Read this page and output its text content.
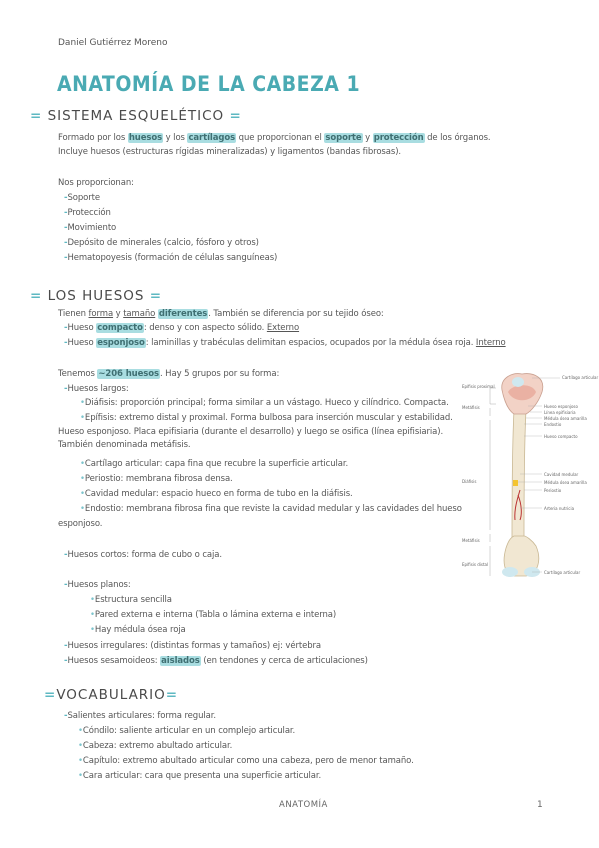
Daniel Gutiérrez Moreno
ANATOMÍA DE LA CABEZA 1
= SISTEMA ESQUELÉTICO =
Formado por los huesos y los cartílagos que proporcionan el soporte y protección de los órganos.
Incluye huesos (estructuras rígidas mineralizadas) y ligamentos (bandas fibrosas).
Nos proporcionan:
-Soporte
-Protección
-Movimiento
-Depósito de minerales (calcio, fósforo y otros)
-Hematopoyesis (formación de células sanguíneas)
= LOS HUESOS =
Tienen forma y tamaño diferentes. También se diferencia por su tejido óseo:
-Hueso compacto: denso y con aspecto sólido. Externo
-Hueso esponjoso: laminillas y trabéculas delimitan espacios, ocupados por la médula ósea roja. Interno
Tenemos ~206 huesos. Hay 5 grupos por su forma:
-Huesos largos:
•Diáfisis: proporción principal; forma similar a un vástago. Hueco y cilíndrico. Compacta.
•Epífisis: extremo distal y proximal. Forma bulbosa para inserción muscular y estabilidad.
Hueso esponjoso. Placa epifisiaria (durante el desarrollo) y luego se osifica (línea epifisiaria).
También denominada metáfisis.
•Cartílago articular: capa fina que recubre la superficie articular.
•Periostio: membrana fibrosa densa.
•Cavidad medular: espacio hueco en forma de tubo en la diáfisis.
•Endostio: membrana fibrosa fina que reviste la cavidad medular y las cavidades del hueso
esponjoso.
-Huesos cortos: forma de cubo o caja.
-Huesos planos:
•Estructura sencilla
•Pared externa e interna (Tabla o lámina externa e interna)
•Hay médula ósea roja
-Huesos irregulares: (distintas formas y tamaños) ej: vértebra
-Huesos sesamoideos: aislados (en tendones y cerca de articulaciones)
=VOCABULARIO=
-Salientes articulares: forma regular.
•Cóndilo: saliente articular en un complejo articular.
•Cabeza: extremo abultado articular.
•Capítulo: extremo abultado articular como una cabeza, pero de menor tamaño.
•Cara articular: cara que presenta una superficie articular.
Epífisis proximal
Metáfisis
Diáfisis
Metáfisis
Epífisis distal
Cartílago articular
Hueso esponjoso
Línea epifisiaria
Médula ósea amarilla
Endostio
Hueso compacto
Cavidad medular
Médula ósea amarilla
Periostio
Arteria nutricia
Cartílago articular
ANATOMÍA	1
